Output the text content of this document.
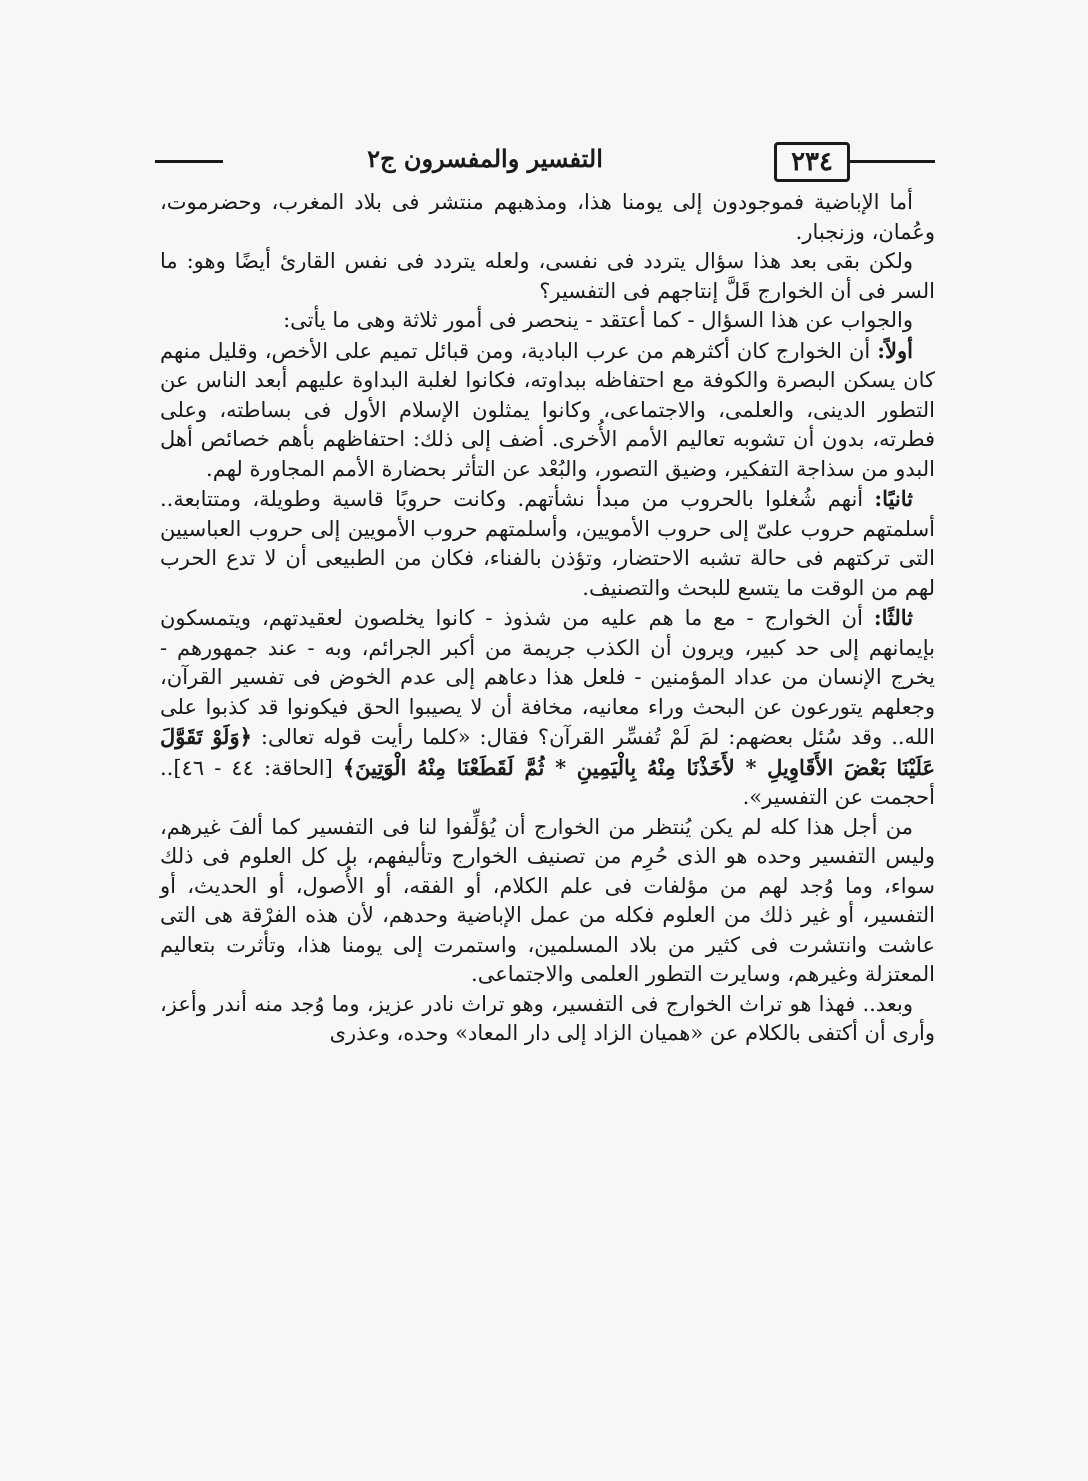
٢٣٤
التفسير والمفسرون ج٢

أما الإباضية فموجودون إلى يومنا هذا، ومذهبهم منتشر فى بلاد المغرب، وحضرموت، وعُمان، وزنجبار.

ولكن بقى بعد هذا سؤال يتردد فى نفسى، ولعله يتردد فى نفس القارئ أيضًا وهو: ما السر فى أن الخوارج قَلَّ إنتاجهم فى التفسير؟

والجواب عن هذا السؤال - كما أعتقد - ينحصر فى أمور ثلاثة وهى ما يأتى:

أولاً: أن الخوارج كان أكثرهم من عرب البادية، ومن قبائل تميم على الأخص، وقليل منهم كان يسكن البصرة والكوفة مع احتفاظه ببداوته، فكانوا لغلبة البداوة عليهم أبعد الناس عن التطور الدينى، والعلمى، والاجتماعى، وكانوا يمثلون الإسلام الأول فى بساطته، وعلى فطرته، بدون أن تشوبه تعاليم الأمم الأُخرى. أضف إلى ذلك: احتفاظهم بأهم خصائص أهل البدو من سذاجة التفكير، وضيق التصور، والبُعْد عن التأثر بحضارة الأمم المجاورة لهم.

ثانيًا: أنهم شُغلوا بالحروب من مبدأ نشأتهم. وكانت حروبًا قاسية وطويلة، ومتتابعة.. أسلمتهم حروب علىّ إلى حروب الأمويين، وأسلمتهم حروب الأمويين إلى حروب العباسيين التى تركتهم فى حالة تشبه الاحتضار، وتؤذن بالفناء، فكان من الطبيعى أن لا تدع الحرب لهم من الوقت ما يتسع للبحث والتصنيف.

ثالثًا: أن الخوارج - مع ما هم عليه من شذوذ - كانوا يخلصون لعقيدتهم، ويتمسكون بإيمانهم إلى حد كبير، ويرون أن الكذب جريمة من أكبر الجرائم، وبه - عند جمهورهم - يخرج الإنسان من عداد المؤمنين - فلعل هذا دعاهم إلى عدم الخوض فى تفسير القرآن، وجعلهم يتورعون عن البحث وراء معانيه، مخافة أن لا يصيبوا الحق فيكونوا قد كذبوا على الله.. وقد سُئل بعضهم: لمَ لَمْ تُفسِّر القرآن؟ فقال: «كلما رأيت قوله تعالى: ﴿وَلَوْ تَقَوَّلَ عَلَيْنَا بَعْضَ الأَقَاوِيلِ * لأَخَذْنَا مِنْهُ بِالْيَمِينِ * ثُمَّ لَقَطَعْنَا مِنْهُ الْوَتِينَ﴾ [الحاقة: ٤٤ - ٤٦].. أحجمت عن التفسير».

من أجل هذا كله لم يكن يُنتظر من الخوارج أن يُؤلِّفوا لنا فى التفسير كما ألفَ غيرهم، وليس التفسير وحده هو الذى حُرِم من تصنيف الخوارج وتأليفهم، بل كل العلوم فى ذلك سواء، وما وُجد لهم من مؤلفات فى علم الكلام، أو الفقه، أو الأُصول، أو الحديث، أو التفسير، أو غير ذلك من العلوم فكله من عمل الإباضية وحدهم، لأن هذه الفرْقة هى التى عاشت وانتشرت فى كثير من بلاد المسلمين، واستمرت إلى يومنا هذا، وتأثرت بتعاليم المعتزلة وغيرهم، وسايرت التطور العلمى والاجتماعى.

وبعد.. فهذا هو تراث الخوارج فى التفسير، وهو تراث نادر عزيز، وما وُجد منه أندر وأعز، وأرى أن أكتفى بالكلام عن «هميان الزاد إلى دار المعاد» وحده، وعذرى
